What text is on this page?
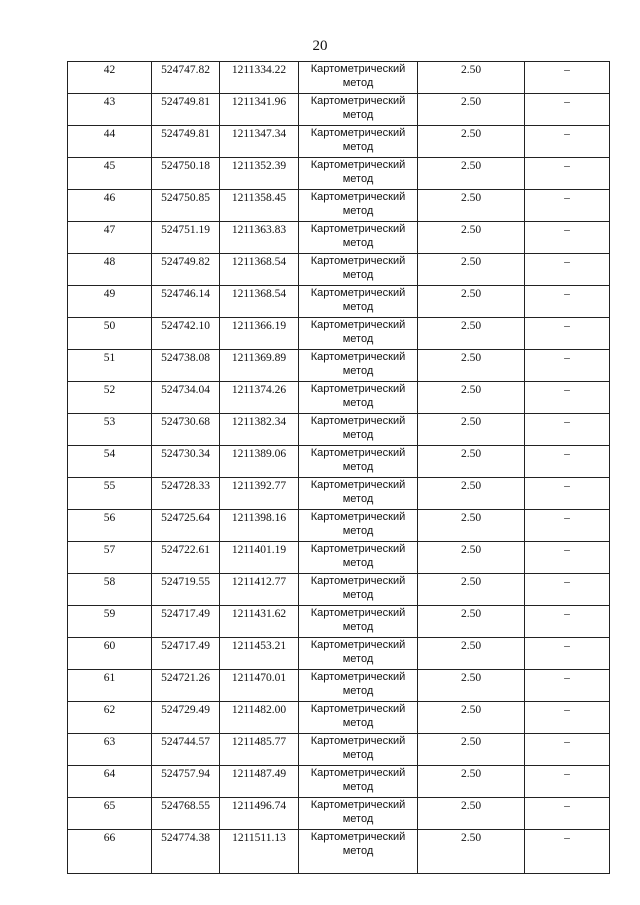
20
42	524747.82	1211334.22	Картометрический
метод	2.50	–
43	524749.81	1211341.96	Картометрический
метод	2.50	–
44	524749.81	1211347.34	Картометрический
метод	2.50	–
45	524750.18	1211352.39	Картометрический
метод	2.50	–
46	524750.85	1211358.45	Картометрический
метод	2.50	–
47	524751.19	1211363.83	Картометрический
метод	2.50	–
48	524749.82	1211368.54	Картометрический
метод	2.50	–
49	524746.14	1211368.54	Картометрический
метод	2.50	–
50	524742.10	1211366.19	Картометрический
метод	2.50	–
51	524738.08	1211369.89	Картометрический
метод	2.50	–
52	524734.04	1211374.26	Картометрический
метод	2.50	–
53	524730.68	1211382.34	Картометрический
метод	2.50	–
54	524730.34	1211389.06	Картометрический
метод	2.50	–
55	524728.33	1211392.77	Картометрический
метод	2.50	–
56	524725.64	1211398.16	Картометрический
метод	2.50	–
57	524722.61	1211401.19	Картометрический
метод	2.50	–
58	524719.55	1211412.77	Картометрический
метод	2.50	–
59	524717.49	1211431.62	Картометрический
метод	2.50	–
60	524717.49	1211453.21	Картометрический
метод	2.50	–
61	524721.26	1211470.01	Картометрический
метод	2.50	–
62	524729.49	1211482.00	Картометрический
метод	2.50	–
63	524744.57	1211485.77	Картометрический
метод	2.50	–
64	524757.94	1211487.49	Картометрический
метод	2.50	–
65	524768.55	1211496.74	Картометрический
метод	2.50	–
66	524774.38	1211511.13	Картометрический
метод	2.50	–
